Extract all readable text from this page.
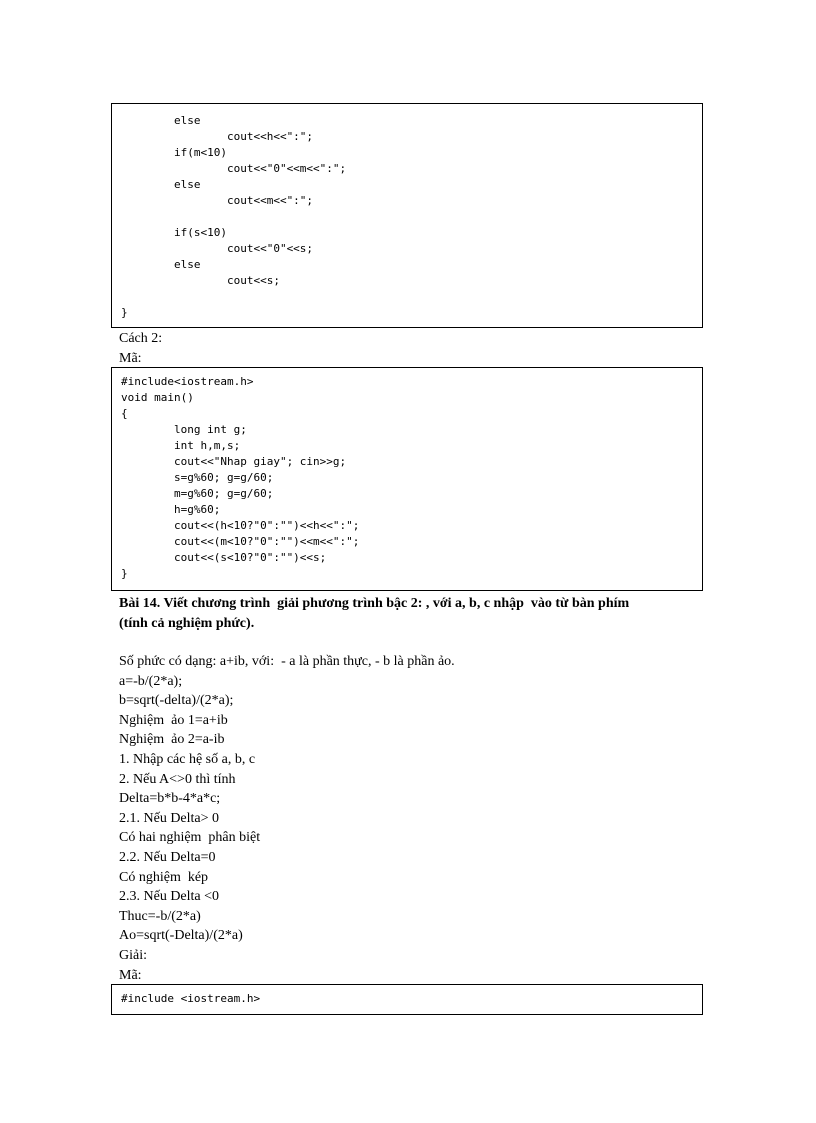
else
cout<<h<<":";
if(m<10)
cout<<"0"<<m<<":";
else
cout<<m<<":";
if(s<10)
cout<<"0"<<s;
else
cout<<s;
}
Cách 2:
Mã:
#include<iostream.h>
void main()
{
long int g;
int h,m,s;
cout<<"Nhap giay"; cin>>g;
s=g%60; g=g/60;
m=g%60; g=g/60;
h=g%60;
cout<<(h<10?"0":"")<<h<<":";
cout<<(m<10?"0":"")<<m<<":";
cout<<(s<10?"0":"")<<s;
}
Bài 14. Viết chương trình  giải phương trình bậc 2: , với a, b, c nhập  vào từ bàn phím
(tính cả nghiệm phức).
Số phức có dạng: a+ib, với:  - a là phần thực, - b là phần ảo.
a=-b/(2*a);
b=sqrt(-delta)/(2*a);
Nghiệm  ảo 1=a+ib
Nghiệm  ảo 2=a-ib
1. Nhập các hệ số a, b, c
2. Nếu A<>0 thì tính
Delta=b*b-4*a*c;
2.1. Nếu Delta> 0
Có hai nghiệm  phân biệt
2.2. Nếu Delta=0
Có nghiệm  kép
2.3. Nếu Delta <0
Thuc=-b/(2*a)
Ao=sqrt(-Delta)/(2*a)
Giải:
Mã:
#include <iostream.h>
